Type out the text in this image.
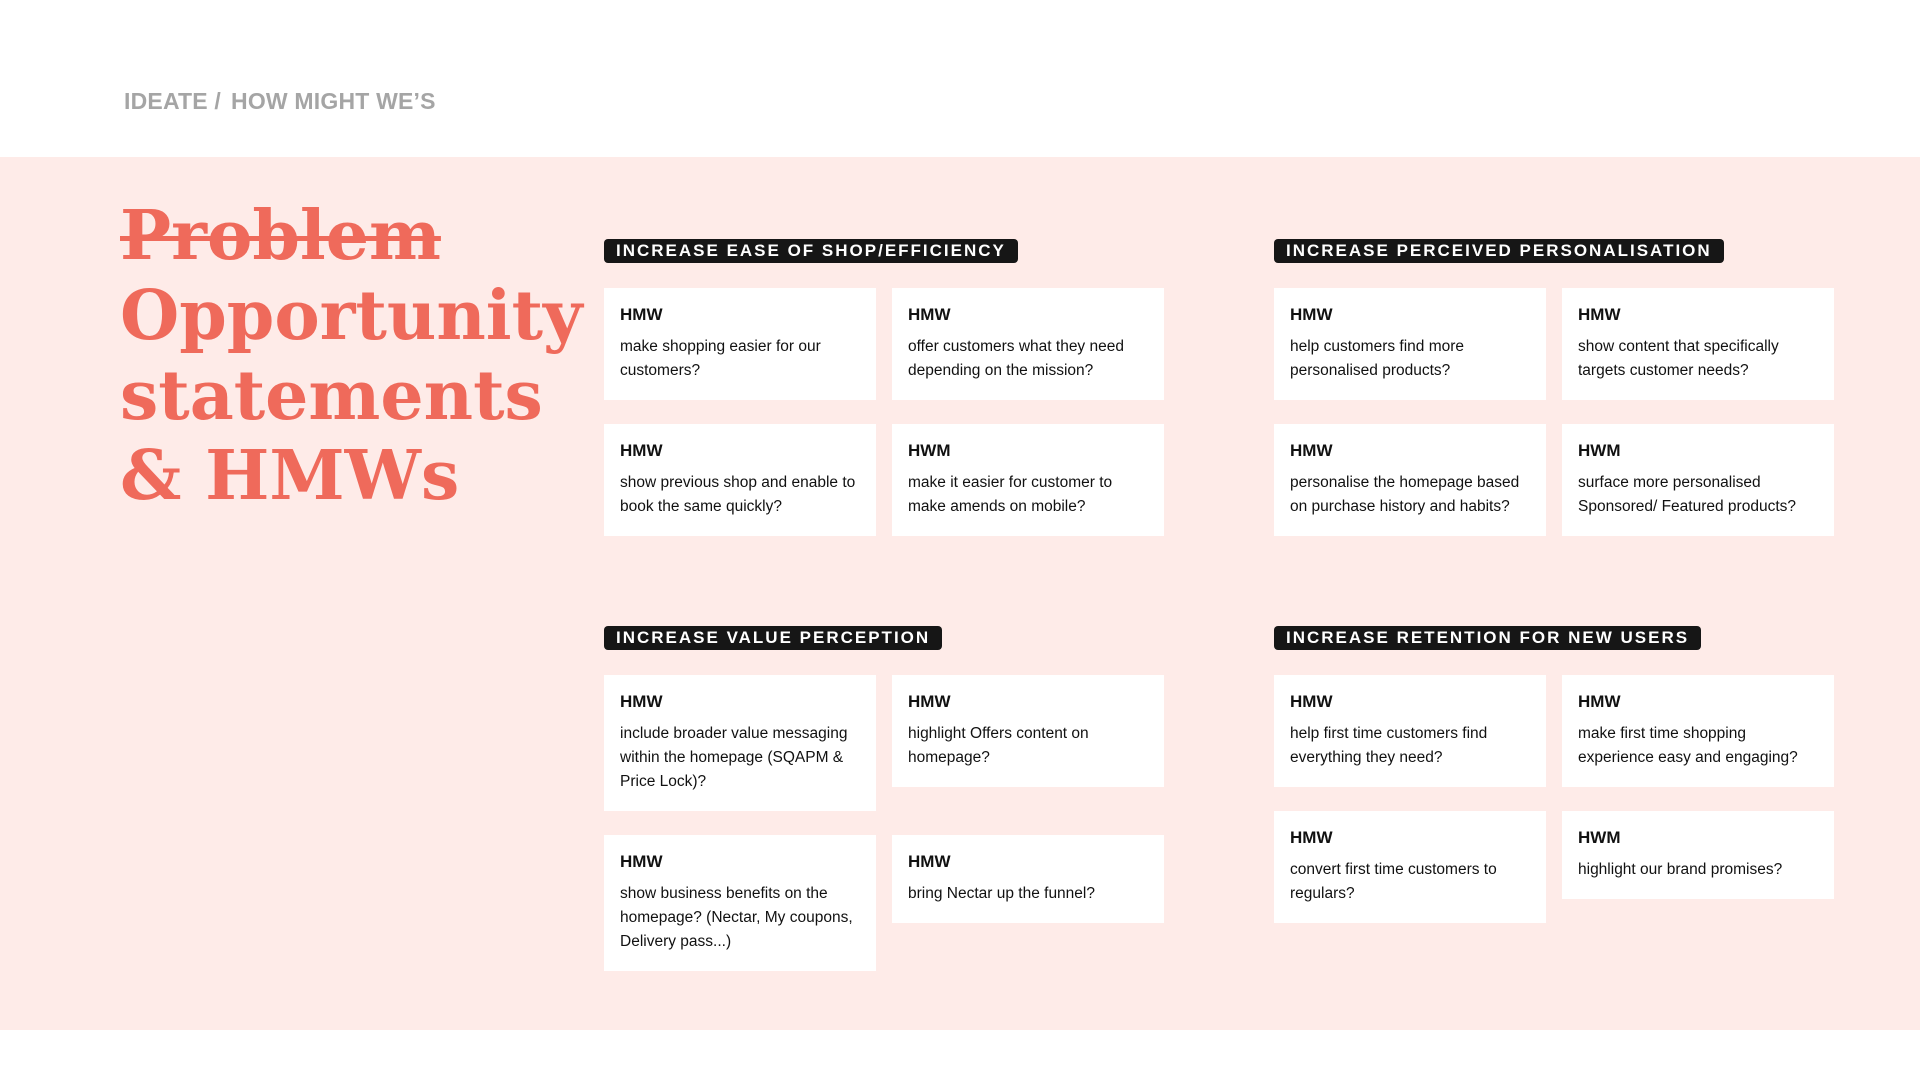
IDEATE / HOW MIGHT WE’S
Problem
Opportunity
statements
& HMWs
INCREASE EASE OF SHOP/EFFICIENCY
HMW
make shopping easier for our customers?
HMW
offer customers what they need depending on the mission?
HMW
show previous shop and enable to book the same quickly?
HWM
make it easier for customer to make amends on mobile?
INCREASE PERCEIVED PERSONALISATION
HMW
help customers find more personalised products?
HMW
show content that specifically targets customer needs?
HMW
personalise the homepage based on purchase history and habits?
HWM
surface more personalised Sponsored/ Featured products?
INCREASE VALUE PERCEPTION
HMW
include broader value messaging within the homepage (SQAPM & Price Lock)?
HMW
highlight Offers content on homepage?
HMW
show business benefits on the homepage? (Nectar, My coupons, Delivery pass...)
HMW
bring Nectar up the funnel?
INCREASE RETENTION FOR NEW USERS
HMW
help first time customers find everything they need?
HMW
make first time shopping experience easy and engaging?
HMW
convert first time customers to regulars?
HWM
highlight our brand promises?
